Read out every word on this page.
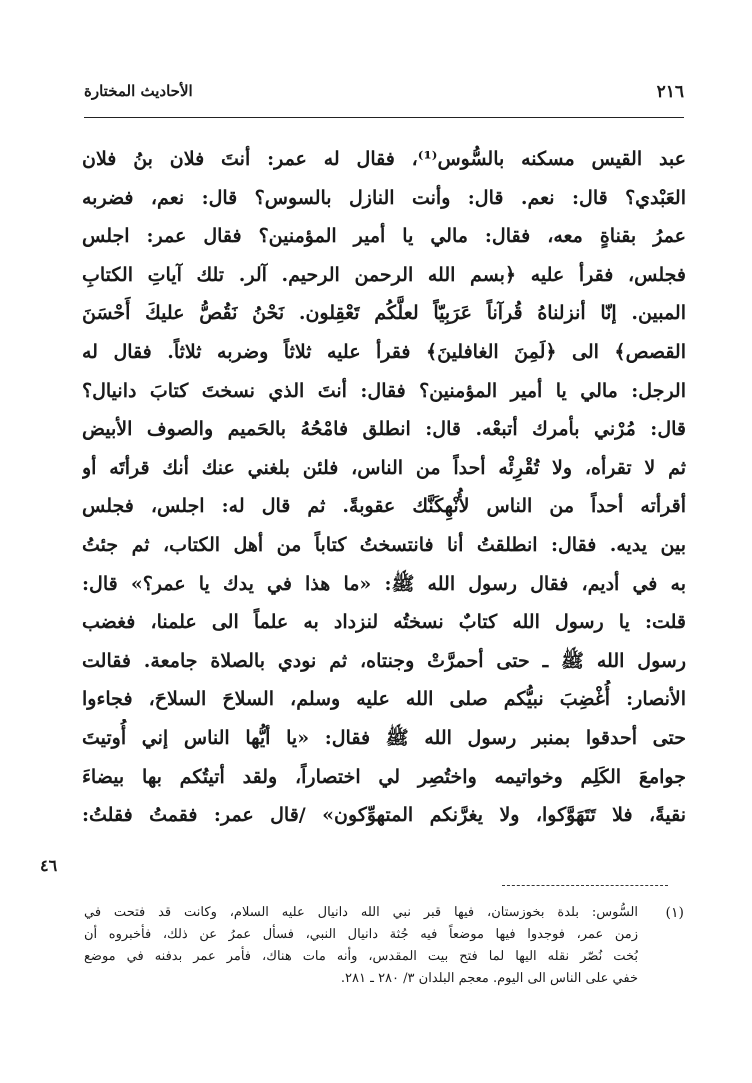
٢١٦
الأحاديث المختارة
عبد القيس مسكنه بالسُّوس⁽¹⁾، فقال له عمر: أنتَ فلان بنُ فلان
العَبْدي؟ قال: نعم. قال: وأنت النازل بالسوس؟ قال: نعم، فضربه
عمرُ بقناةٍ معه، فقال: مالي يا أمير المؤمنين؟ فقال عمر: اجلس
فجلس، فقرأ عليه ﴿بسم الله الرحمن الرحيم. آلر. تلك آياتِ الكتابِ
المبين. إنّا أنزلناهُ قُرآناً عَرَبِيّاً لعلَّكُم تَعْقِلون. نَحْنُ نَقُصُّ عليكَ أَحْسَنَ
القصص﴾ الى ﴿لَمِنَ الغافلينَ﴾ فقرأ عليه ثلاثاً وضربه ثلاثاً. فقال له
الرجل: مالي يا أمير المؤمنين؟ فقال: أنتَ الذي نسختَ كتابَ دانيال؟
قال: مُرْني بأمرك أتبعْه. قال: انطلق فامْحُهُ بالحَميم والصوف الأبيض
ثم لا تقرأه، ولا تُقْرِئْه أحداً من الناس، فلئن بلغني عنك أنك قرأتَه أو
أقرأته أحداً من الناس لأُنْهِكَنَّك عقوبةً. ثم قال له: اجلس، فجلس
بين يديه. فقال: انطلقتُ أنا فانتسختُ كتاباً من أهل الكتاب، ثم جئتُ
به في أديم، فقال رسول الله ﷺ: «ما هذا في يدك يا عمر؟» قال:
قلت: يا رسول الله كتابٌ نسختُه لنزداد به علماً الى علمنا، فغضب
رسول الله ﷺ ـ حتى أحمرَّتْ وجنتاه، ثم نودي بالصلاة جامعة. فقالت
الأنصار: أُغْضِبَ نبيُّكم صلى الله عليه وسلم، السلاحَ السلاحَ، فجاءوا
حتى أحدقوا بمنبر رسول الله ﷺ فقال: «يا أيُّها الناس إني أُوتيتَ
جوامعَ الكَلِم وخواتيمه واختُصِر لي اختصاراً، ولقد أتيتُكم بها بيضاءَ
نقيةً، فلا تَتَهَوَّكوا، ولا يغرَّنكم المتهوِّكون» /قال عمر: فقمتُ فقلتُ:
٤٦
(١)
السُّوس: بلدة بخوزستان، فيها قبر نبي الله دانيال عليه السلام، وكانت قد فتحت في
زمن عمر، فوجدوا فيها موضعاً فيه جُثة دانيال النبي، فسأل عمرُ عن ذلك، فأخبروه أن
بُخت نُصّر نقله اليها لما فتح بيت المقدس، وأنه مات هناك، فأمر عمر بدفنه في موضع
خفي على الناس الى اليوم. معجم البلدان ٣/ ٢٨٠ ـ ٢٨١.
